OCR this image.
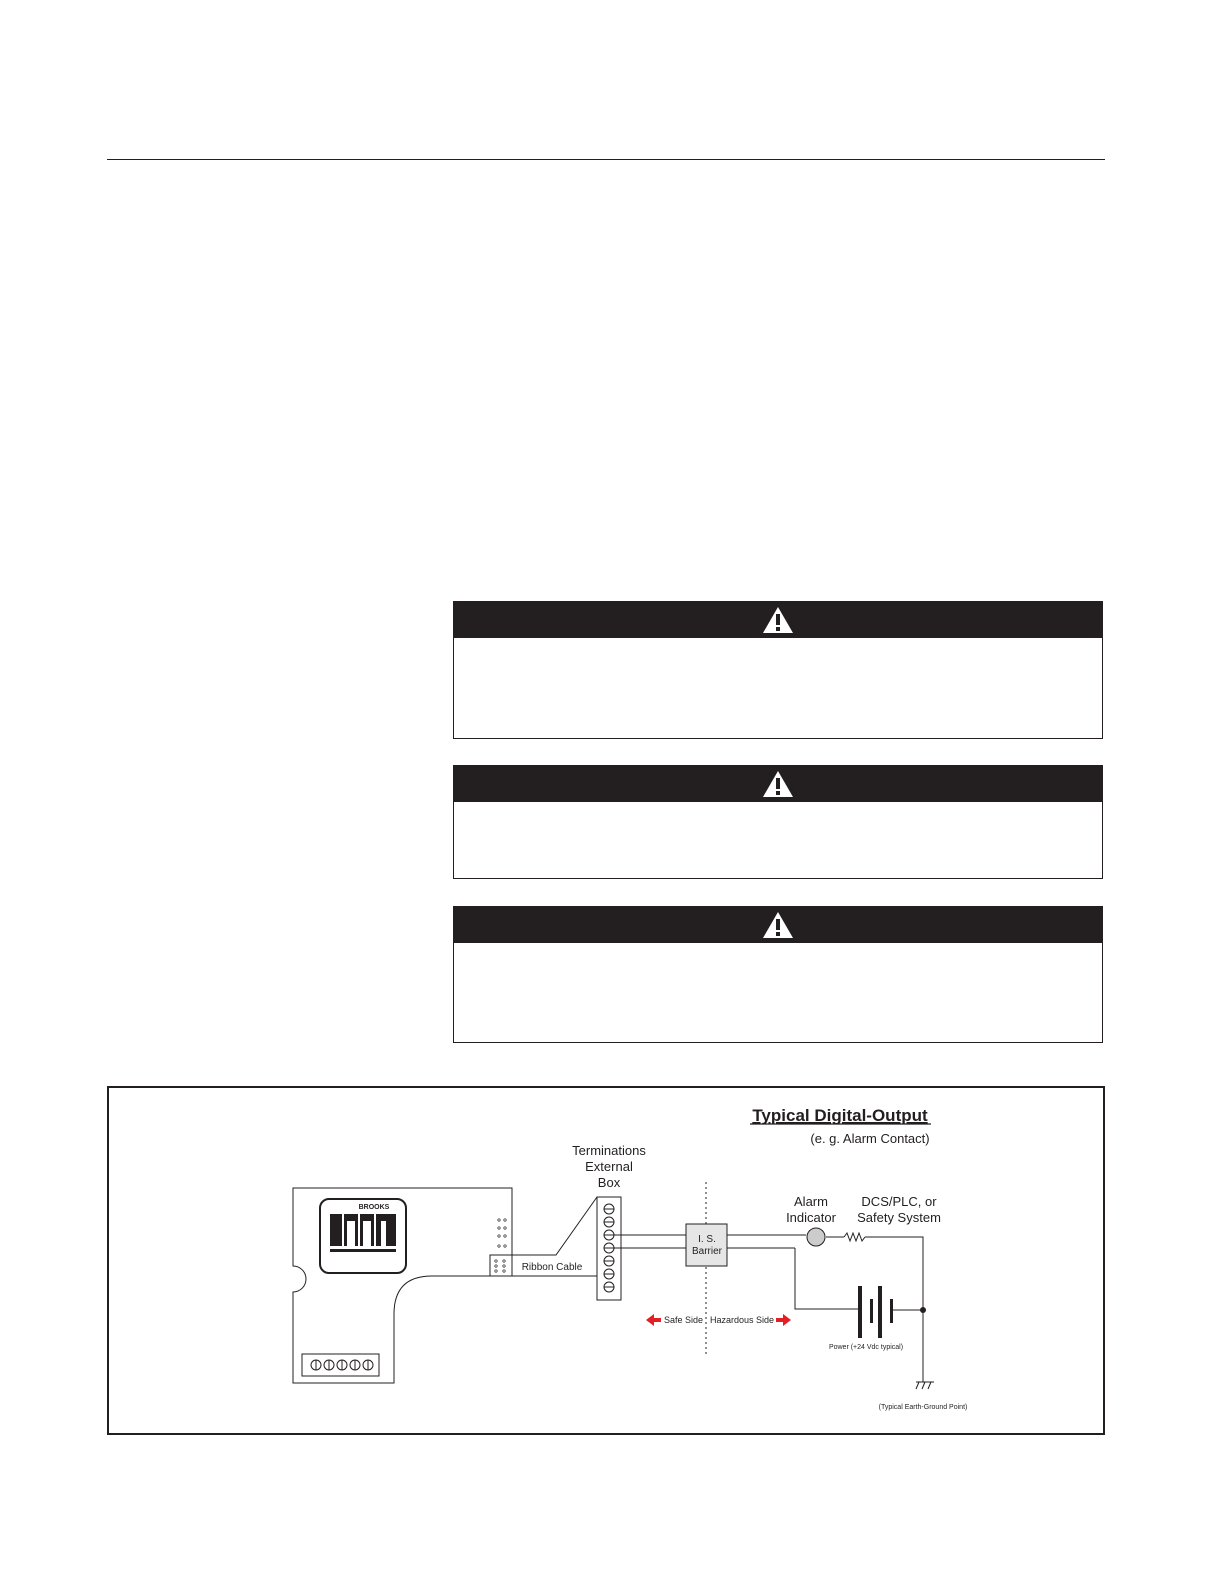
Typical Digital-Output
(e. g. Alarm Contact)
BROOKS
Ribbon Cable
Terminations
External
Box
I. S.
Barrier
Alarm
Indicator
DCS/PLC, or
Safety System
Power (+24 Vdc typical)
(Typical Earth-Ground Point)
Safe Side Hazardous Side
